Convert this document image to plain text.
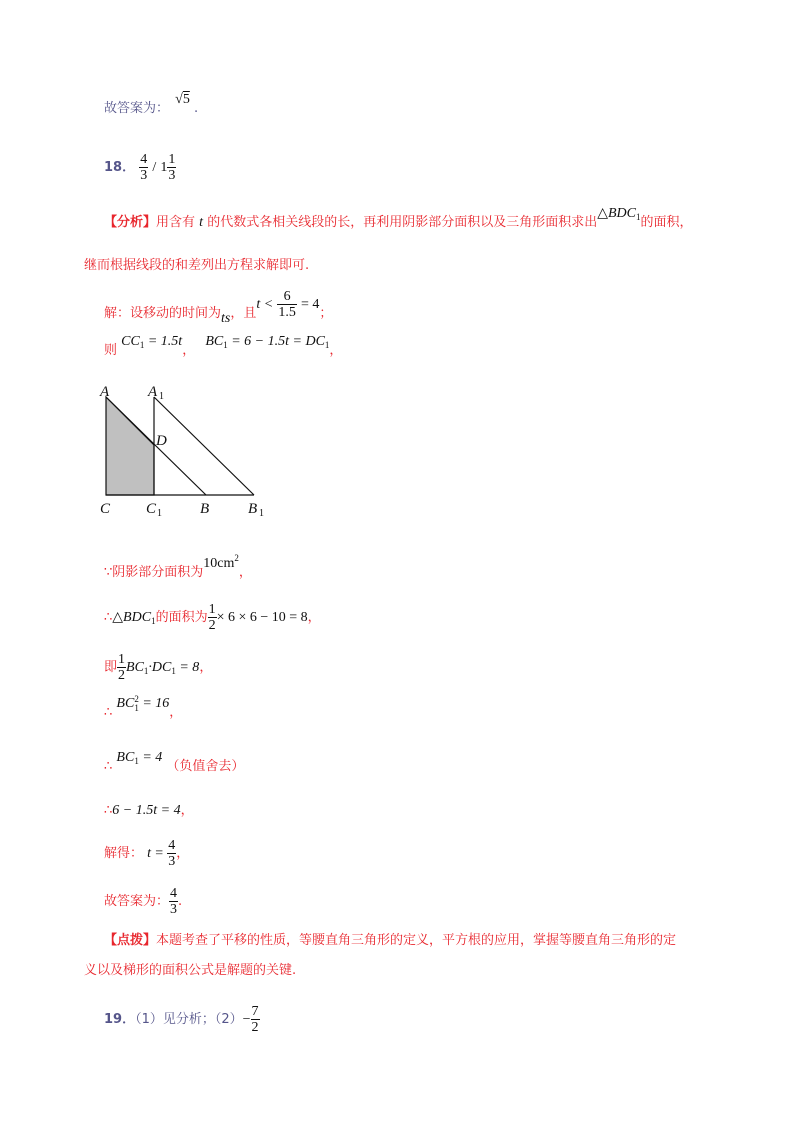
故答案为： √5 .
18． $\frac{4}{3} / 1 \frac{1}{3}$
【分析】用含有 t 的代数式各相关线段的长，再利用阴影部分面积以及三角形面积求出$\triangle BDC_1$的面积，
继而根据线段的和差列出方程求解即可.
解：设移动的时间为ts，且$t < \frac{6}{1.5} = 4$；
则 $CC_1 = 1.5t$， $BC_1 = 6 - 1.5t = DC_1$，
A	A 1
D
C C 1	B	B 1
∵阴影部分面积为$10cm^2$，
$\therefore\triangle BDC_1$的面积为 $\frac{1}{2} \times 6 \times 6 - 10 = 8$，
即 $\frac{1}{2} BC_1\cdot DC_1 = 8$，
∴ BC 2
1 = 16，
∴ $BC_1 = 4$ （负值舍去）
∴6 − 1.5t = 4，
解得： $t = \frac{4}{3}$ ，
故答案为： $\frac{4}{3}$ .
【点拨】本题考查了平移的性质，等腰直角三角形的定义，平方根的应用，掌握等腰直角三角形的定
义以及梯形的面积公式是解题的关键.
19．（1）见分析；$(2)- \frac{7}{2}$
